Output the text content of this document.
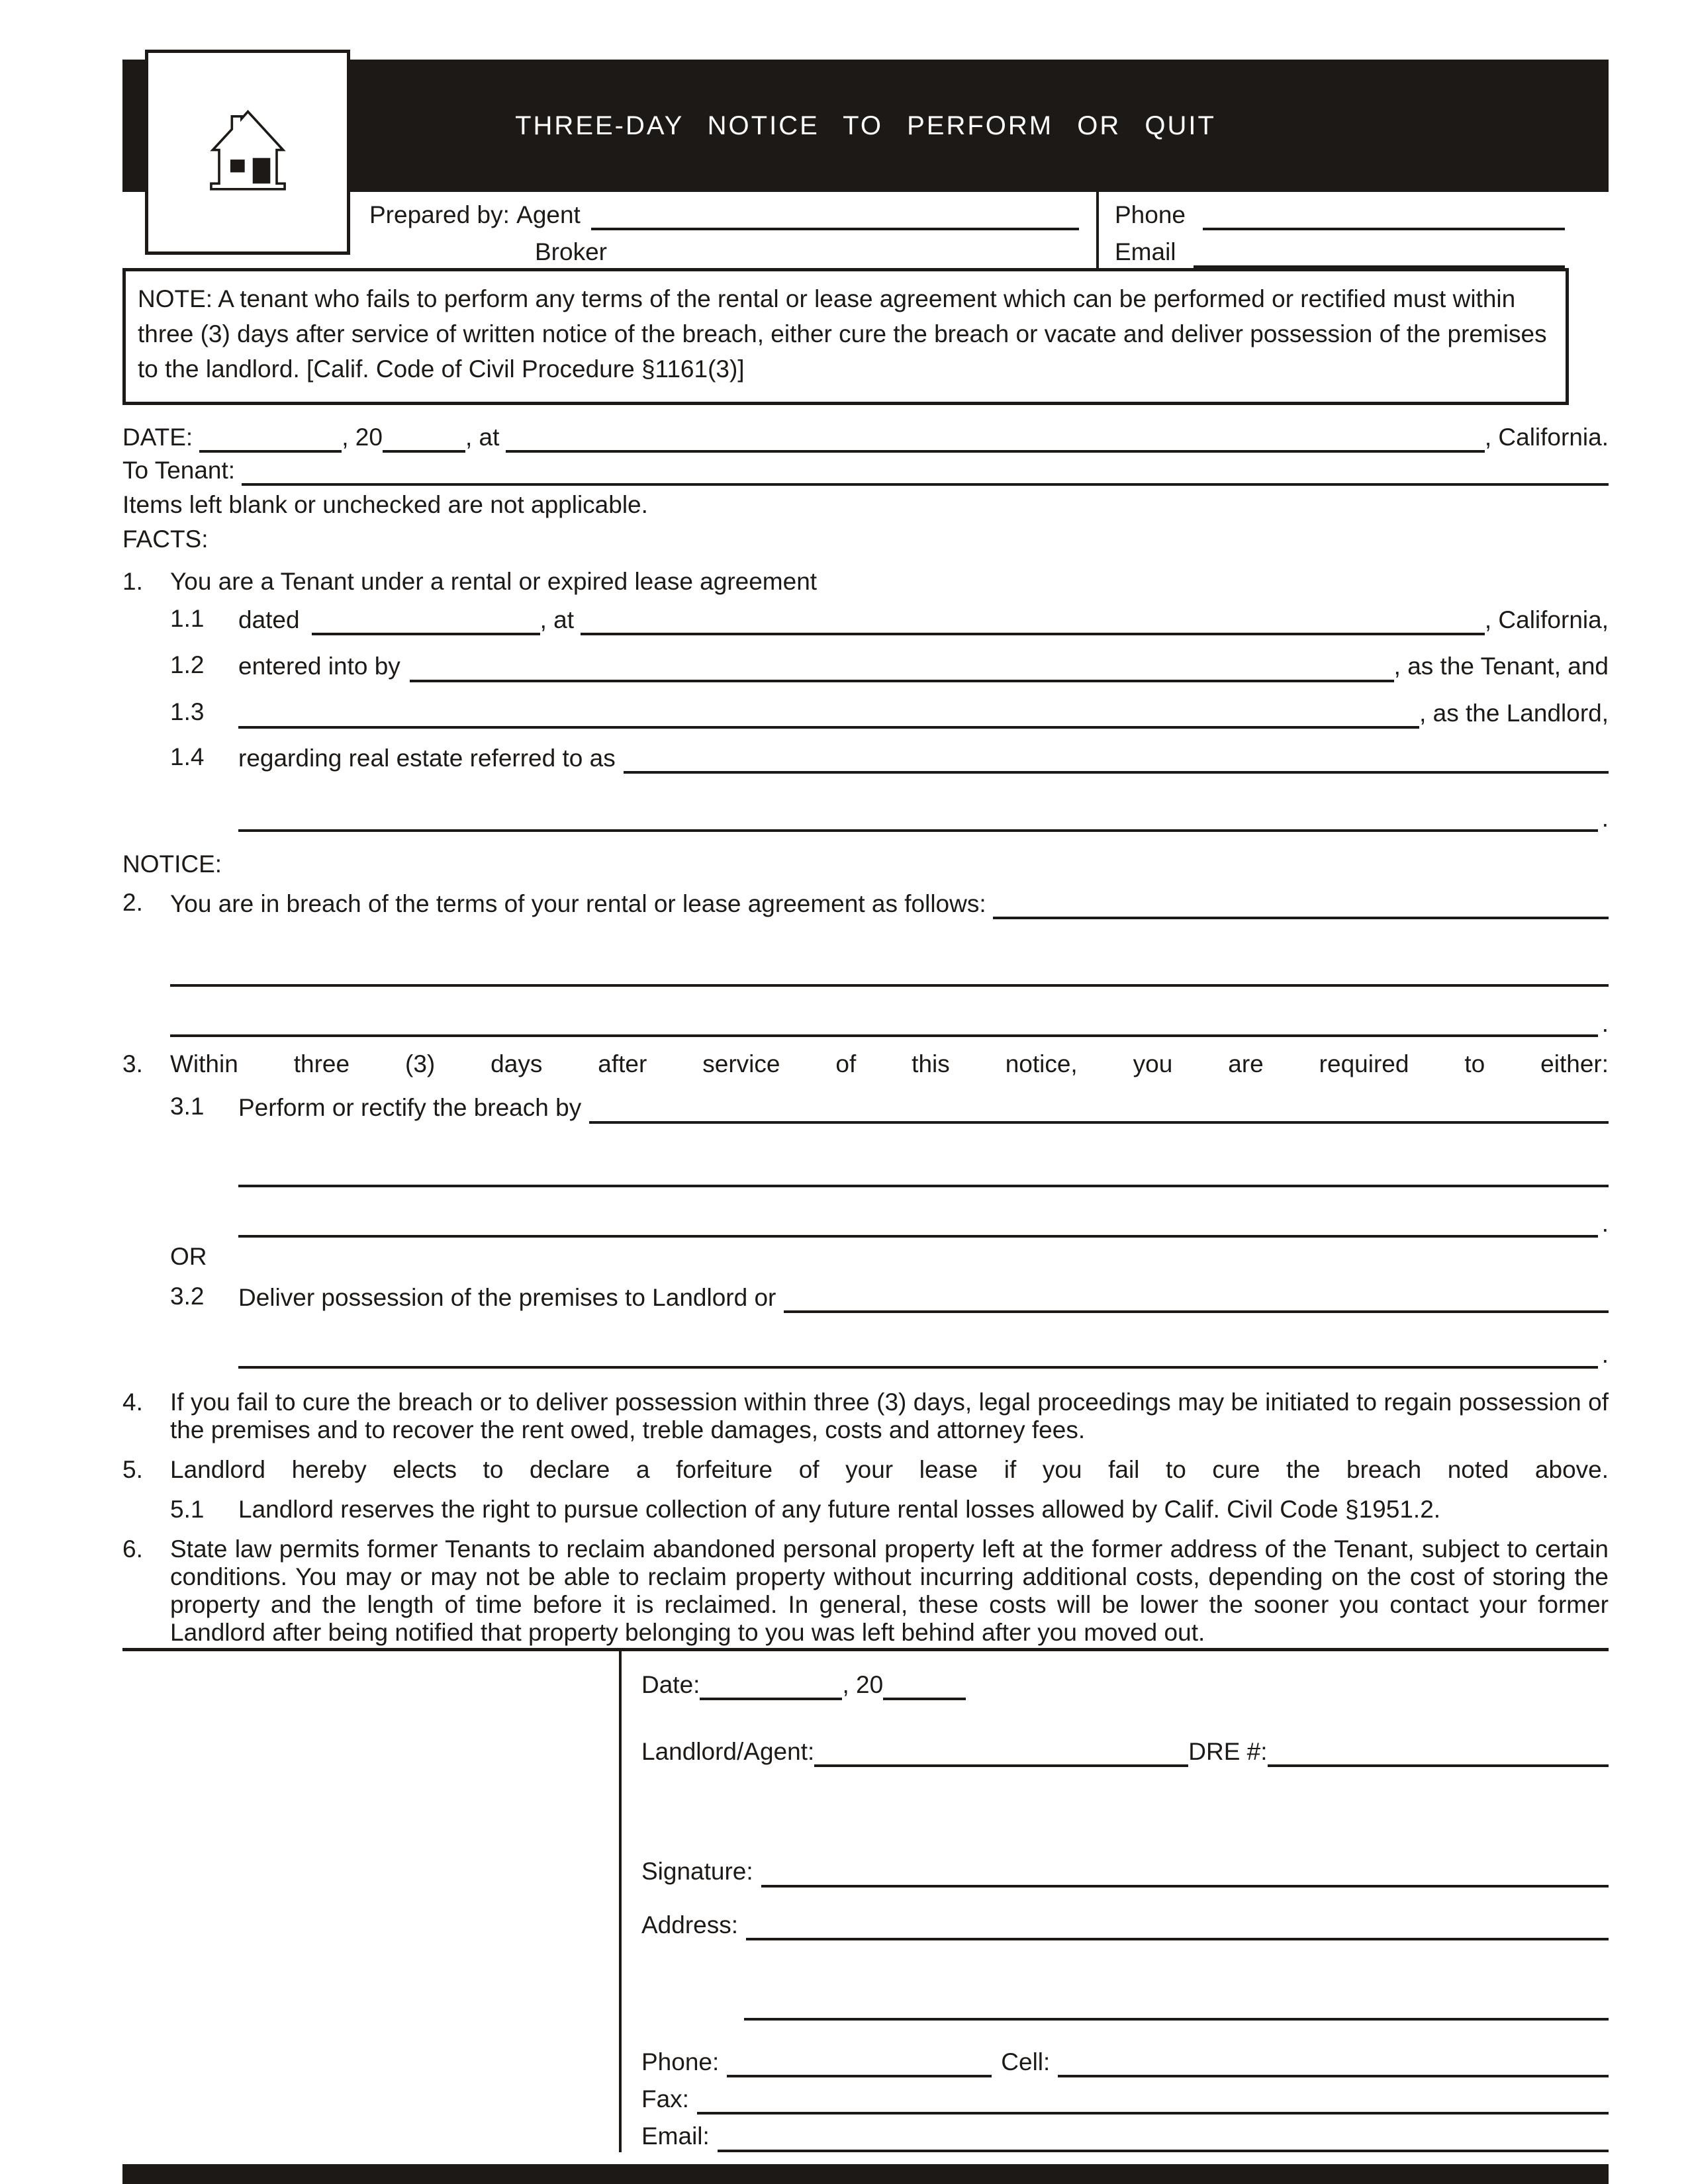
THREE-DAY NOTICE TO PERFORM OR QUIT
Prepared by:
Agent
Broker
Phone
Email
NOTE: A tenant who fails to perform any terms of the rental or lease agreement which can be performed or rectified must within three (3) days after service of written notice of the breach, either cure the breach or vacate and deliver possession of the premises to the landlord. [Calif. Code of Civil Procedure §1161(3)]
DATE:	, 20	, at	, California.
To Tenant:
Items left blank or unchecked are not applicable.
FACTS:
1.	You are a Tenant under a rental or expired lease agreement
1.1	dated	, at	, California,
1.2	entered into by	, as the Tenant, and
1.3	, as the Landlord,
1.4	regarding real estate referred to as
.
NOTICE:
2.	You are in breach of the terms of your rental or lease agreement as follows:
.
3.	Within three (3) days after service of this notice, you are required to either:
3.1	Perform or rectify the breach by
.
OR
3.2	Deliver possession of the premises to Landlord or
.
4.	If you fail to cure the breach or to deliver possession within three (3) days, legal proceedings may be initiated to regain possession of the premises and to recover the rent owed, treble damages, costs and attorney fees.
5.	Landlord hereby elects to declare a forfeiture of your lease if you fail to cure the breach noted above.
5.1	Landlord reserves the right to pursue collection of any future rental losses allowed by Calif. Civil Code §1951.2.
6.	State law permits former Tenants to reclaim abandoned personal property left at the former address of the Tenant, subject to certain conditions. You may or may not be able to reclaim property without incurring additional costs, depending on the cost of storing the property and the length of time before it is reclaimed. In general, these costs will be lower the sooner you contact your former Landlord after being notified that property belonging to you was left behind after you moved out.
Date:	, 20
Landlord/Agent:	DRE #:
Signature:
Address:
Phone:	Cell:
Fax:
Email:
